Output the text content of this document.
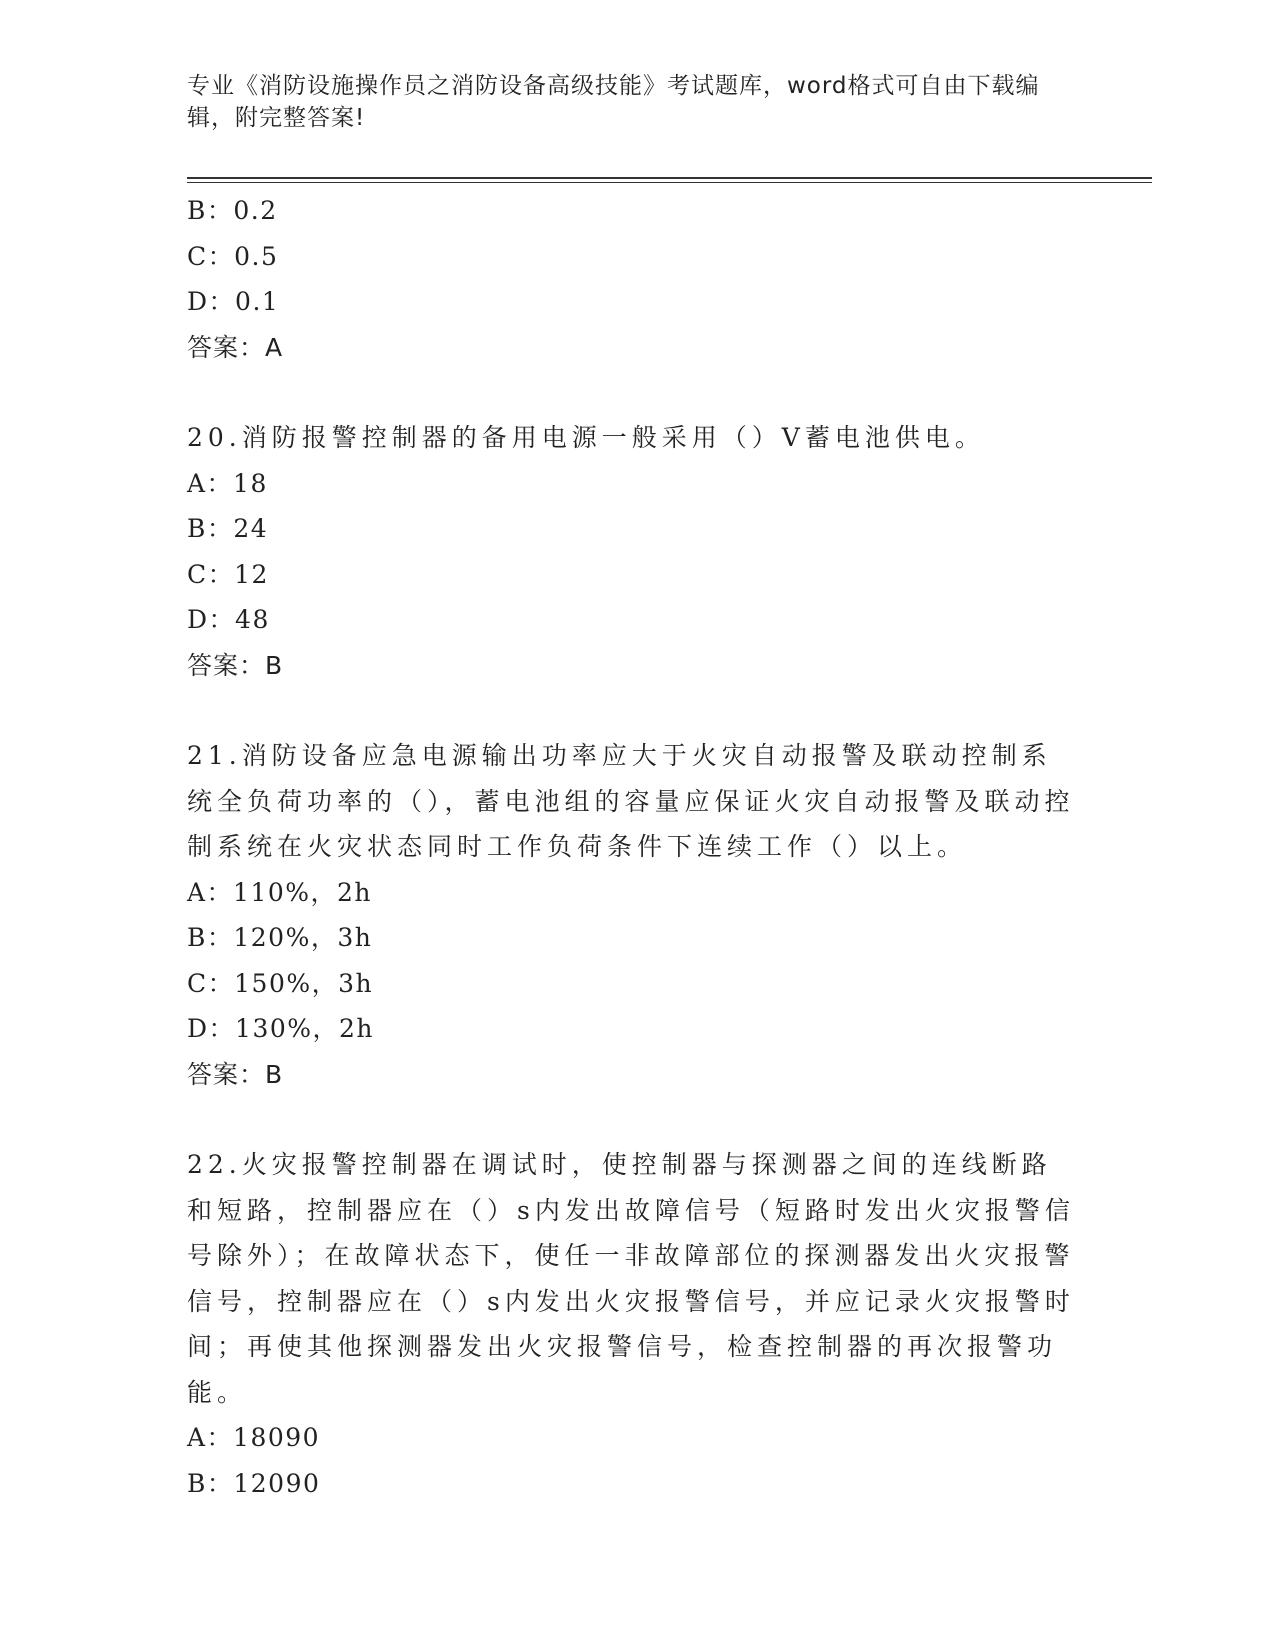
专业《消防设施操作员之消防设备高级技能》考试题库，word格式可自由下载编辑，附完整答案!
B：0.2
C：0.5
D：0.1
答案：A
20.消防报警控制器的备用电源一般采用（）V蓄电池供电。
A：18
B：24
C：12
D：48
答案：B
21.消防设备应急电源输出功率应大于火灾自动报警及联动控制系统全负荷功率的（），蓄电池组的容量应保证火灾自动报警及联动控制系统在火灾状态同时工作负荷条件下连续工作（）以上。
A：110%，2h
B：120%，3h
C：150%，3h
D：130%，2h
答案：B
22.火灾报警控制器在调试时，使控制器与探测器之间的连线断路和短路，控制器应在（）s内发出故障信号（短路时发出火灾报警信号除外）；在故障状态下，使任一非故障部位的探测器发出火灾报警信号，控制器应在（）s内发出火灾报警信号，并应记录火灾报警时间；再使其他探测器发出火灾报警信号，检查控制器的再次报警功能。
A：18090
B：12090
